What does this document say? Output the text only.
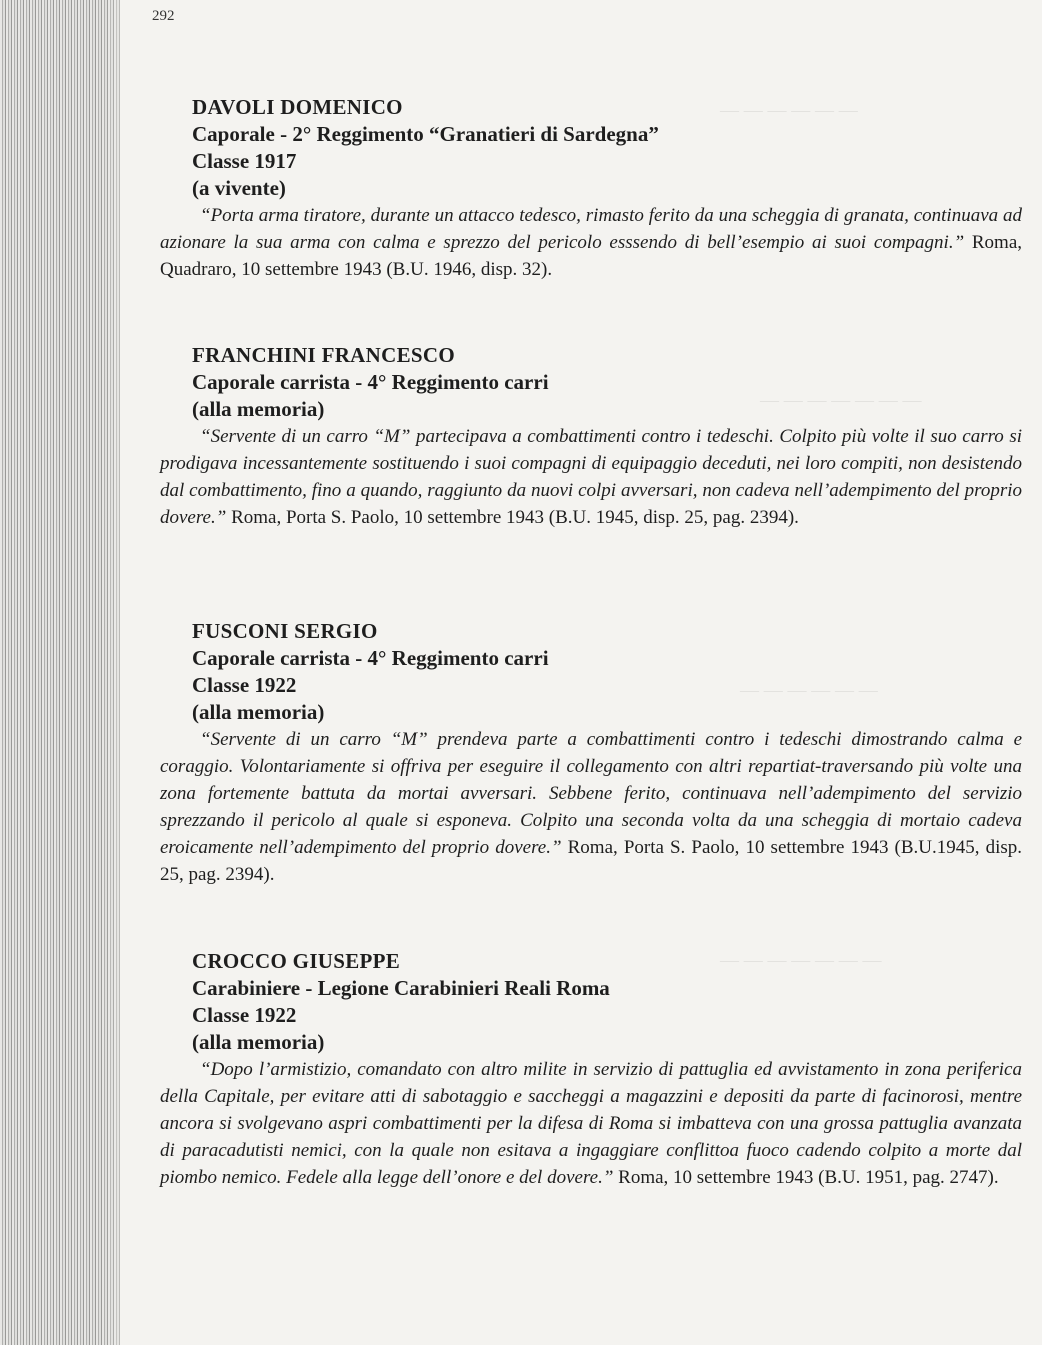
— — — — — —
— — — — — — —
— — — — — —
— — — — — — —
292
DAVOLI DOMENICO
Caporale - 2° Reggimento “Granatieri di Sardegna”
Classe 1917
(a vivente)

“Porta arma tiratore, durante un attacco tedesco, rimasto ferito da una scheggia di granata, continuava ad azionare la sua arma con calma e sprezzo del pericolo esssendo di bell’esempio ai suoi compagni.” Roma, Quadraro, 10 settembre 1943 (B.U. 1946, disp. 32).

FRANCHINI FRANCESCO
Caporale carrista - 4° Reggimento carri
(alla memoria)

“Servente di un carro “M” partecipava a combattimenti contro i tedeschi. Colpito più volte il suo carro si prodigava incessantemente sostituendo i suoi compagni di equipaggio deceduti, nei loro compiti, non desistendo dal combattimento, fino a quando, raggiunto da nuovi colpi avversari, non cadeva nell’adempimento del proprio dovere.” Roma, Porta S. Paolo, 10 settembre 1943 (B.U. 1945, disp. 25, pag. 2394).

FUSCONI SERGIO
Caporale carrista - 4° Reggimento carri
Classe 1922
(alla memoria)

“Servente di un carro “M” prendeva parte a combattimenti contro i tedeschi dimostrando calma e coraggio. Volontariamente si offriva per eseguire il collegamento con altri repartiat-traversando più volte una zona fortemente battuta da mortai avversari. Sebbene ferito, continuava nell’adempimento del servizio sprezzando il pericolo al quale si esponeva. Colpito una seconda volta da una scheggia di mortaio cadeva eroicamente nell’adempimento del proprio dovere.” Roma, Porta S. Paolo, 10 settembre 1943 (B.U.1945, disp. 25, pag. 2394).

CROCCO GIUSEPPE
Carabiniere - Legione Carabinieri Reali Roma
Classe 1922
(alla memoria)

“Dopo l’armistizio, comandato con altro milite in servizio di pattuglia ed avvistamento in zona periferica della Capitale, per evitare atti di sabotaggio e saccheggi a magazzini e depositi da parte di facinorosi, mentre ancora si svolgevano aspri combattimenti per la difesa di Roma si imbatteva con una grossa pattuglia avanzata di paracadutisti nemici, con la quale non esitava a ingaggiare conflittoa fuoco cadendo colpito a morte dal piombo nemico. Fedele alla legge dell’onore e del dovere.” Roma, 10 settembre 1943 (B.U. 1951, pag. 2747).
